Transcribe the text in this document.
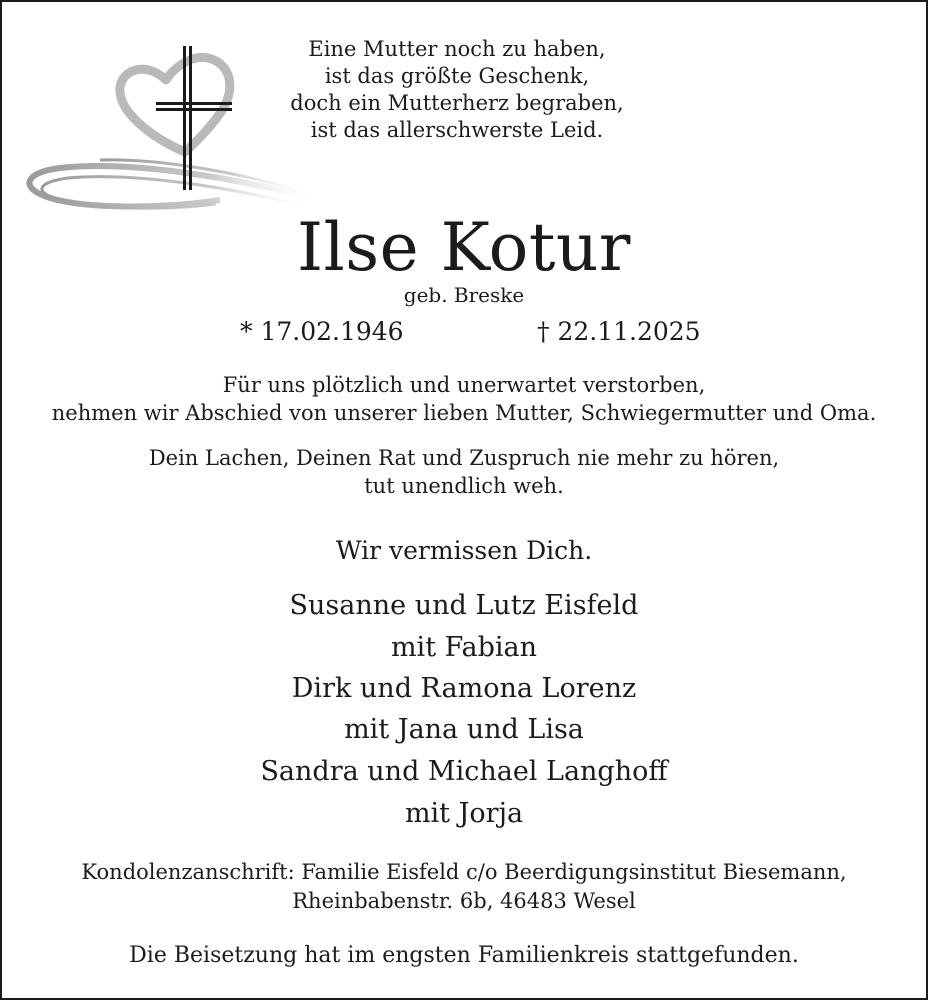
Eine Mutter noch zu haben,
ist das größte Geschenk,
doch ein Mutterherz begraben,
ist das allerschwerste Leid.
Ilse Kotur
geb. Breske
* 17.02.1946	† 22.11.2025
Für uns plötzlich und unerwartet verstorben,
nehmen wir Abschied von unserer lieben Mutter, Schwiegermutter und Oma.
Dein Lachen, Deinen Rat und Zuspruch nie mehr zu hören,
tut unendlich weh.
Wir vermissen Dich.
Susanne und Lutz Eisfeld
mit Fabian
Dirk und Ramona Lorenz
mit Jana und Lisa
Sandra und Michael Langhoff
mit Jorja
Kondolenzanschrift: Familie Eisfeld c/o Beerdigungsinstitut Biesemann,
Rheinbabenstr. 6b, 46483 Wesel
Die Beisetzung hat im engsten Familienkreis stattgefunden.
